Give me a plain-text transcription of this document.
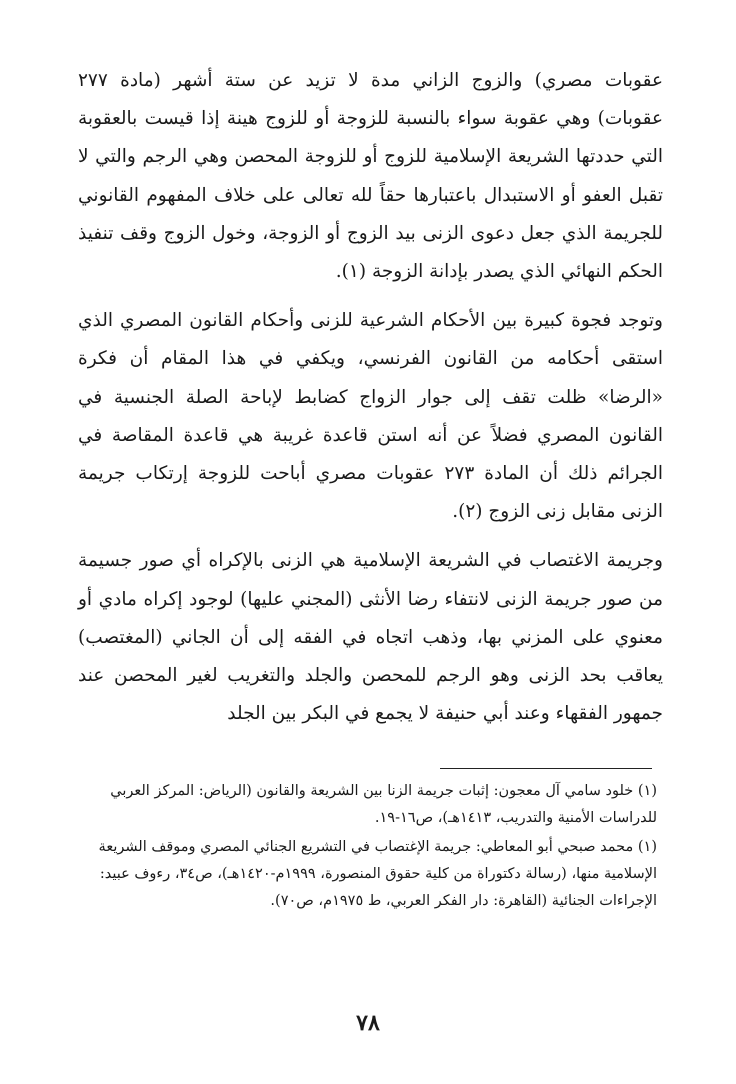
عقوبات مصري) والزوج الزاني مدة لا تزيد عن ستة أشهر (مادة ٢٧٧ عقوبات) وهي عقوبة سواء بالنسبة للزوجة أو للزوج هينة إذا قيست بالعقوبة التي حددتها الشريعة الإسلامية للزوج أو للزوجة المحصن وهي الرجم والتي لا تقبل العفو أو الاستبدال باعتبارها حقاً لله تعالى على خلاف المفهوم القانوني للجريمة الذي جعل دعوى الزنى بيد الزوج أو الزوجة، وخول الزوج وقف تنفيذ الحكم النهائي الذي يصدر بإدانة الزوجة (١).

وتوجد فجوة كبيرة بين الأحكام الشرعية للزنى وأحكام القانون المصري الذي استقى أحكامه من القانون الفرنسي، ويكفي في هذا المقام أن فكرة «الرضا» ظلت تقف إلى جوار الزواج كضابط لإباحة الصلة الجنسية في القانون المصري فضلاً عن أنه استن قاعدة غريبة هي قاعدة المقاصة في الجرائم ذلك أن المادة ٢٧٣ عقوبات مصري أباحت للزوجة إرتكاب جريمة الزنى مقابل زنى الزوج (٢).

وجريمة الاغتصاب في الشريعة الإسلامية هي الزنى بالإكراه أي صور جسيمة من صور جريمة الزنى لانتفاء رضا الأنثى (المجني عليها) لوجود إكراه مادي أو معنوي على المزني بها، وذهب اتجاه في الفقه إلى أن الجاني (المغتصب) يعاقب بحد الزنى وهو الرجم للمحصن والجلد والتغريب لغير المحصن عند جمهور الفقهاء وعند أبي حنيفة لا يجمع في البكر بين الجلد

(١) خلود سامي آل معجون: إثبات جريمة الزنا بين الشريعة والقانون (الرياض: المركز العربي للدراسات الأمنية والتدريب، ١٤١٣هـ)، ص١٦-١٩.

(١) محمد صبحي أبو المعاطي: جريمة الإغتصاب في التشريع الجنائي المصري وموقف الشريعة الإسلامية منها، (رسالة دكتوراة من كلية حقوق المنصورة، ١٩٩٩م-١٤٢٠هـ)، ص٣٤، رءوف عبيد: الإجراءات الجنائية (القاهرة: دار الفكر العربي، ط ١٩٧٥م، ص٧٠).

٧٨
